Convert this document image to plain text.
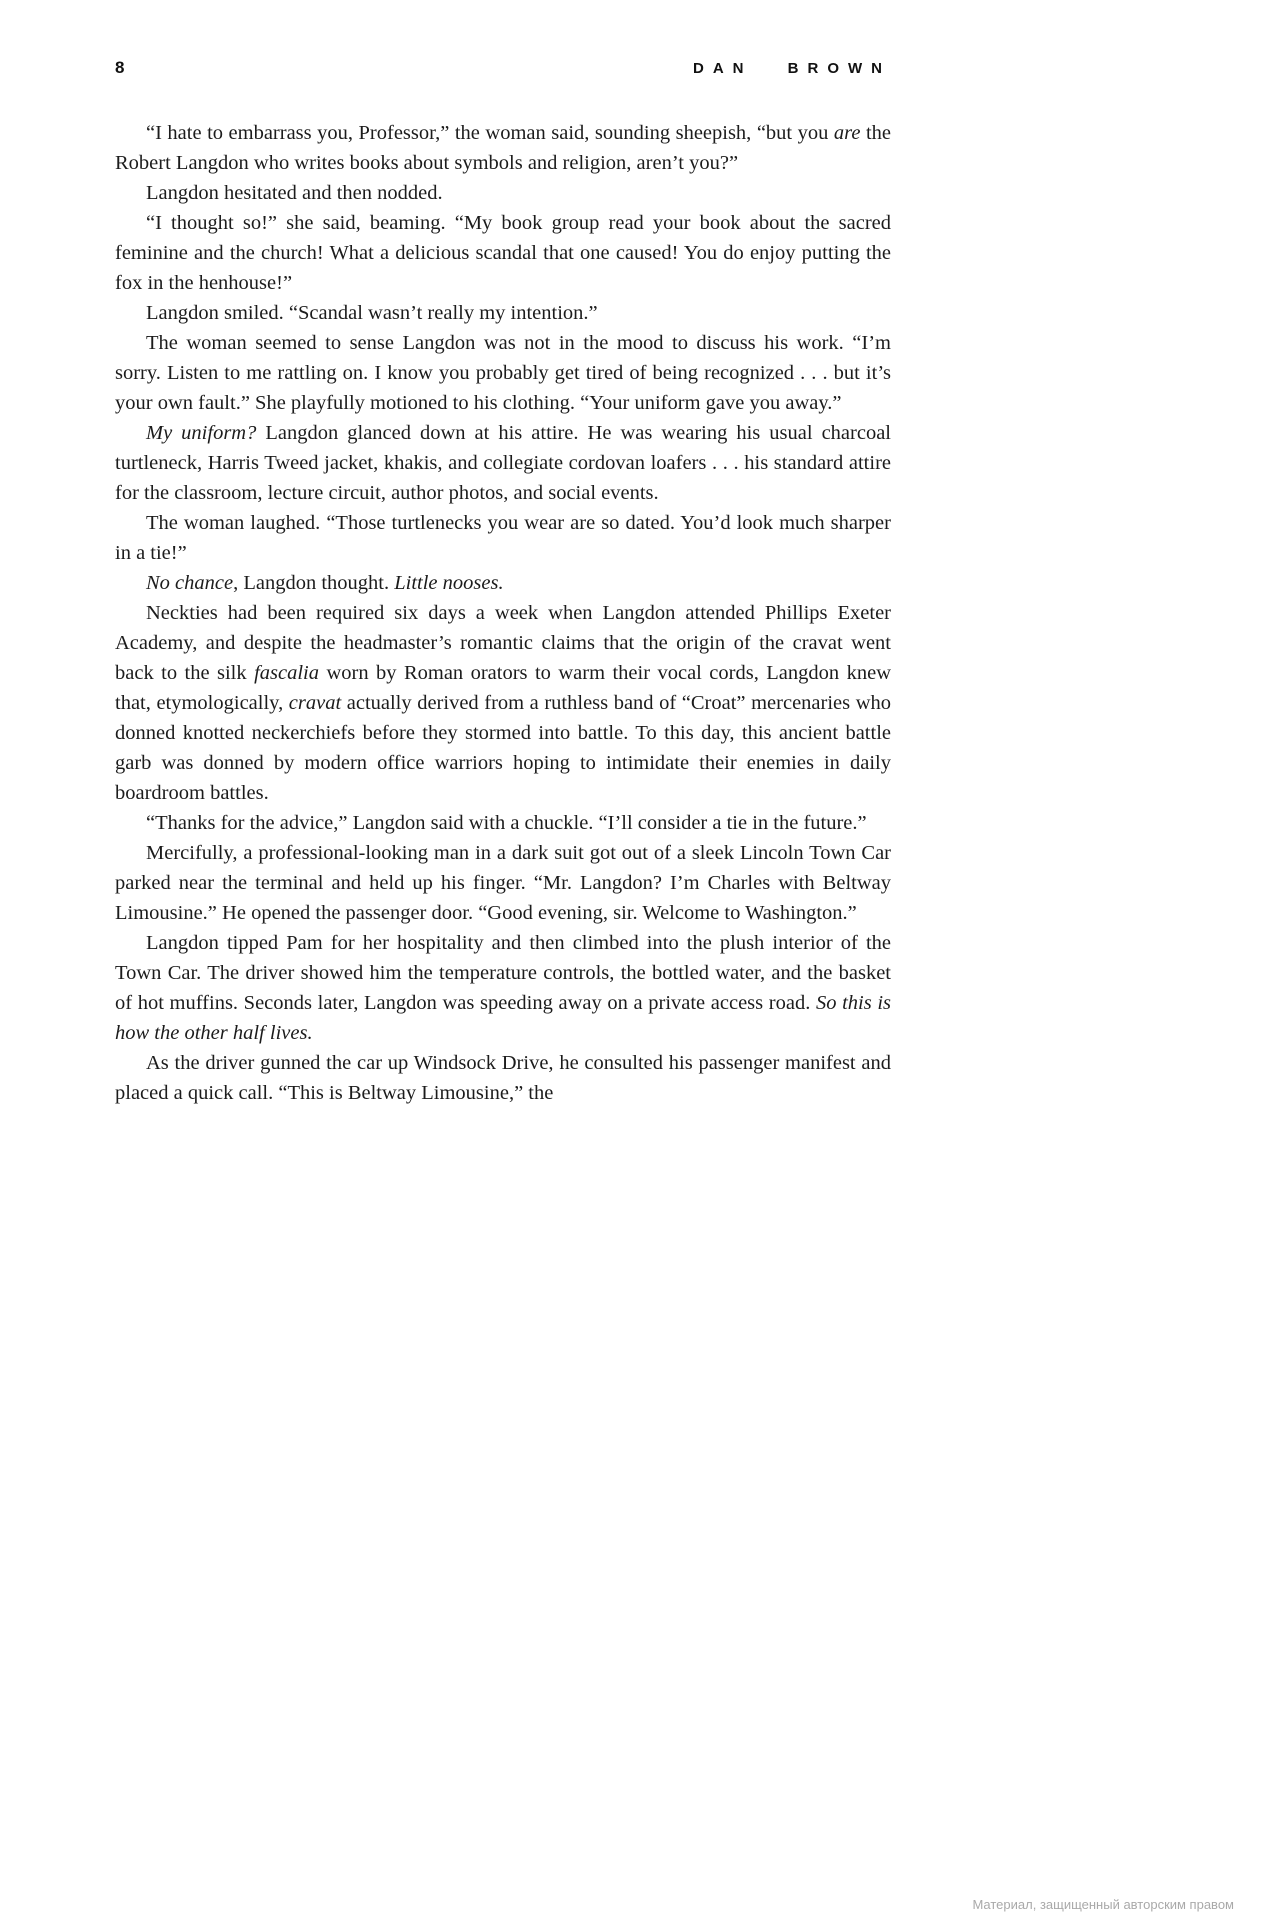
8	DAN BROWN

“I hate to embarrass you, Professor,” the woman said, sounding sheepish, “but you are the Robert Langdon who writes books about symbols and religion, aren’t you?”

Langdon hesitated and then nodded.

“I thought so!” she said, beaming. “My book group read your book about the sacred feminine and the church! What a delicious scandal that one caused! You do enjoy putting the fox in the henhouse!”

Langdon smiled. “Scandal wasn’t really my intention.”

The woman seemed to sense Langdon was not in the mood to discuss his work. “I’m sorry. Listen to me rattling on. I know you probably get tired of being recognized . . . but it’s your own fault.” She playfully motioned to his clothing. “Your uniform gave you away.”

My uniform? Langdon glanced down at his attire. He was wearing his usual charcoal turtleneck, Harris Tweed jacket, khakis, and collegiate cordovan loafers . . . his standard attire for the classroom, lecture circuit, author photos, and social events.

The woman laughed. “Those turtlenecks you wear are so dated. You’d look much sharper in a tie!”

No chance, Langdon thought. Little nooses.

Neckties had been required six days a week when Langdon attended Phillips Exeter Academy, and despite the headmaster’s romantic claims that the origin of the cravat went back to the silk fascalia worn by Roman orators to warm their vocal cords, Langdon knew that, etymologically, cravat actually derived from a ruthless band of “Croat” mercenaries who donned knotted neckerchiefs before they stormed into battle. To this day, this ancient battle garb was donned by modern office warriors hoping to intimidate their enemies in daily boardroom battles.

“Thanks for the advice,” Langdon said with a chuckle. “I’ll consider a tie in the future.”

Mercifully, a professional-looking man in a dark suit got out of a sleek Lincoln Town Car parked near the terminal and held up his finger. “Mr. Langdon? I’m Charles with Beltway Limousine.” He opened the passenger door. “Good evening, sir. Welcome to Washington.”

Langdon tipped Pam for her hospitality and then climbed into the plush interior of the Town Car. The driver showed him the temperature controls, the bottled water, and the basket of hot muffins. Seconds later, Langdon was speeding away on a private access road. So this is how the other half lives.

As the driver gunned the car up Windsock Drive, he consulted his passenger manifest and placed a quick call. “This is Beltway Limousine,” the

Материал, защищенный авторским правом
